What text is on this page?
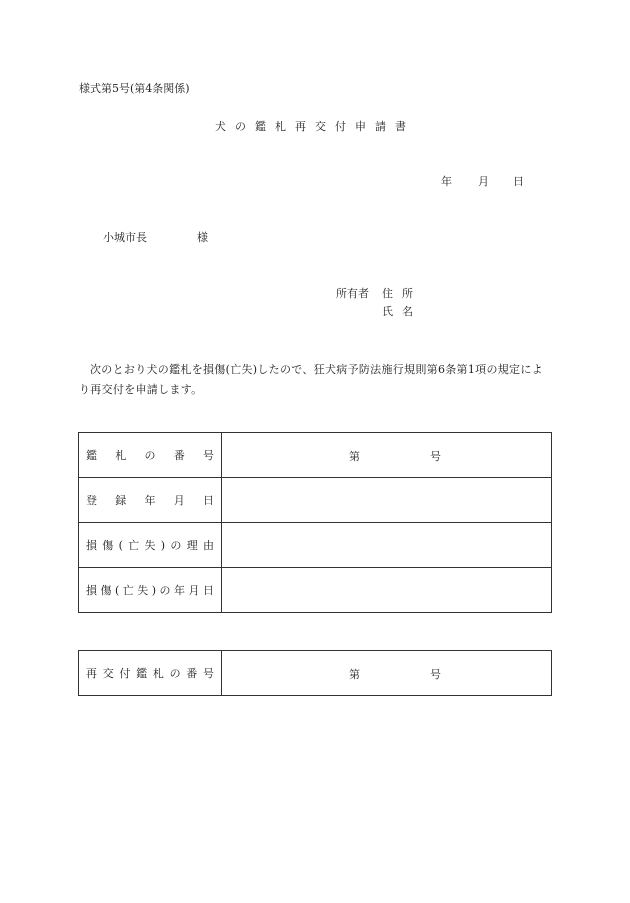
様式第5号(第4条関係)
犬の鑑札再交付申請書
年 月 日
小城市長	様
所有者 住所
氏名
次のとおり犬の鑑札を損傷(亡失)したので、狂犬病予防法施行規則第6条第1項の規定により再交付を申請します。
鑑札の番号	第 号

登録年月日	
損傷(亡失)の理由	
損傷(亡失)の年月日	
再交付鑑札の番号	第	号
